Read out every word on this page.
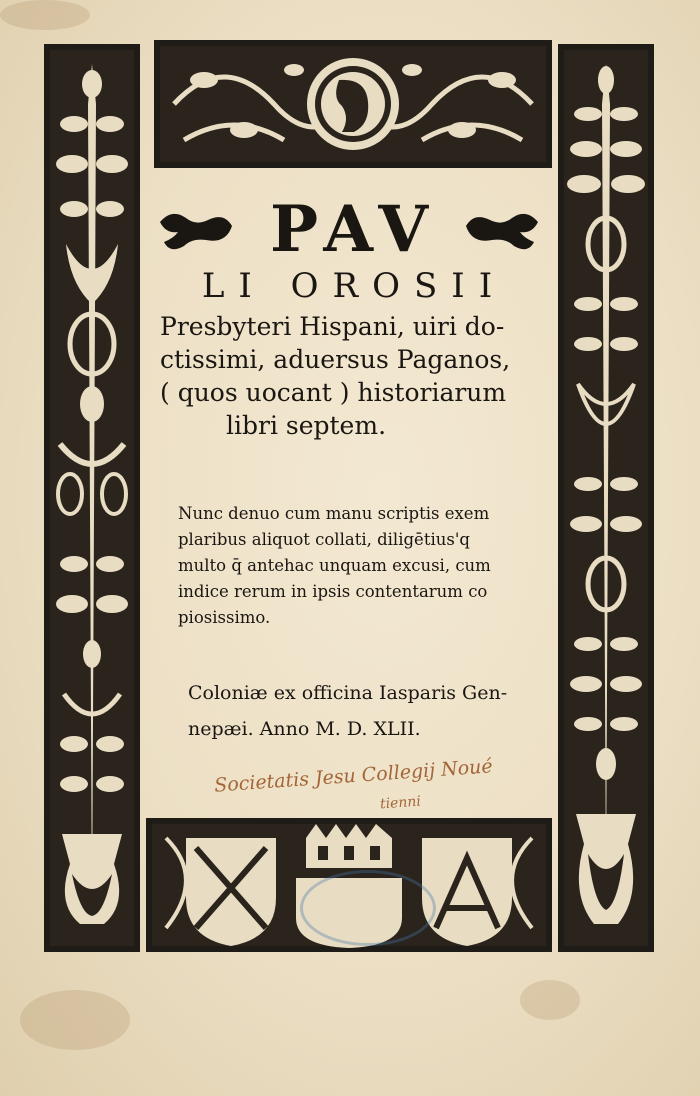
PAV
LI OROSII
Presbyteri Hispani, uiri do-
ctissimi, aduersus Paganos,
( quos uocant ) historiarum
libri septem.
Nunc denuo cum manu scriptis exem
plaribus aliquot collati, diligētius'q
multo q̄ antehac unquam excusi, cum
indice rerum in ipsis contentarum co
piosissimo.
Coloniæ ex officina Iasparis Gen-
nepæi. Anno M. D. XLII.
Societatis Jesu Collegij Noué
tienni
